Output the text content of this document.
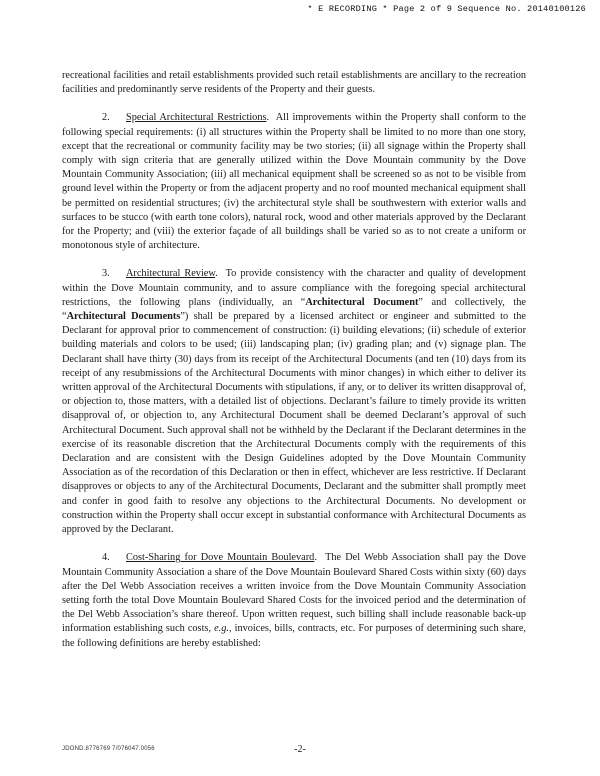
* E RECORDING * Page 2 of 9 Sequence No. 20140100126

recreational facilities and retail establishments provided such retail establishments are ancillary to the recreation facilities and predominantly serve residents of the Property and their guests.

2. Special Architectural Restrictions.  All improvements within the Property shall conform to the following special requirements: (i) all structures within the Property shall be limited to no more than one story, except that the recreational or community facility may be two stories; (ii) all signage within the Property shall comply with sign criteria that are generally utilized within the Dove Mountain community by the Dove Mountain Community Association; (iii) all mechanical equipment shall be screened so as not to be visible from ground level within the Property or from the adjacent property and no roof mounted mechanical equipment shall be permitted on residential structures; (iv) the architectural style shall be southwestern with exterior walls and surfaces to be stucco (with earth tone colors), natural rock, wood and other materials approved by the Declarant for the Property; and (viii) the exterior façade of all buildings shall be varied so as to not create a uniform or monotonous style of architecture.

3. Architectural Review.  To provide consistency with the character and quality of development within the Dove Mountain community, and to assure compliance with the foregoing special architectural restrictions, the following plans (individually, an “Architectural Document” and collectively, the “Architectural Documents”) shall be prepared by a licensed architect or engineer and submitted to the Declarant for approval prior to commencement of construction: (i) building elevations; (ii) schedule of exterior building materials and colors to be used; (iii) landscaping plan; (iv) grading plan; and (v) signage plan. The Declarant shall have thirty (30) days from its receipt of the Architectural Documents (and ten (10) days from its receipt of any resubmissions of the Architectural Documents with minor changes) in which either to deliver its written approval of the Architectural Documents with stipulations, if any, or to deliver its written disapproval of, or objection to, those matters, with a detailed list of objections. Declarant’s failure to timely provide its written disapproval of, or objection to, any Architectural Document shall be deemed Declarant’s approval of such Architectural Document. Such approval shall not be withheld by the Declarant if the Declarant determines in the exercise of its reasonable discretion that the Architectural Documents comply with the requirements of this Declaration and are consistent with the Design Guidelines adopted by the Dove Mountain Community Association as of the recordation of this Declaration or then in effect, whichever are less restrictive. If Declarant disapproves or objects to any of the Architectural Documents, Declarant and the submitter shall promptly meet and confer in good faith to resolve any objections to the Architectural Documents. No development or construction within the Property shall occur except in substantial conformance with Architectural Documents as approved by the Declarant.

4. Cost-Sharing for Dove Mountain Boulevard.  The Del Webb Association shall pay the Dove Mountain Community Association a share of the Dove Mountain Boulevard Shared Costs within sixty (60) days after the Del Webb Association receives a written invoice from the Dove Mountain Community Association setting forth the total Dove Mountain Boulevard Shared Costs for the invoiced period and the determination of the Del Webb Association’s share thereof. Upon written request, such billing shall include reasonable back-up information establishing such costs, e.g., invoices, bills, contracts, etc. For purposes of determining such share, the following definitions are hereby established:

JDOND.8776769 7/076047.0056	-2-
